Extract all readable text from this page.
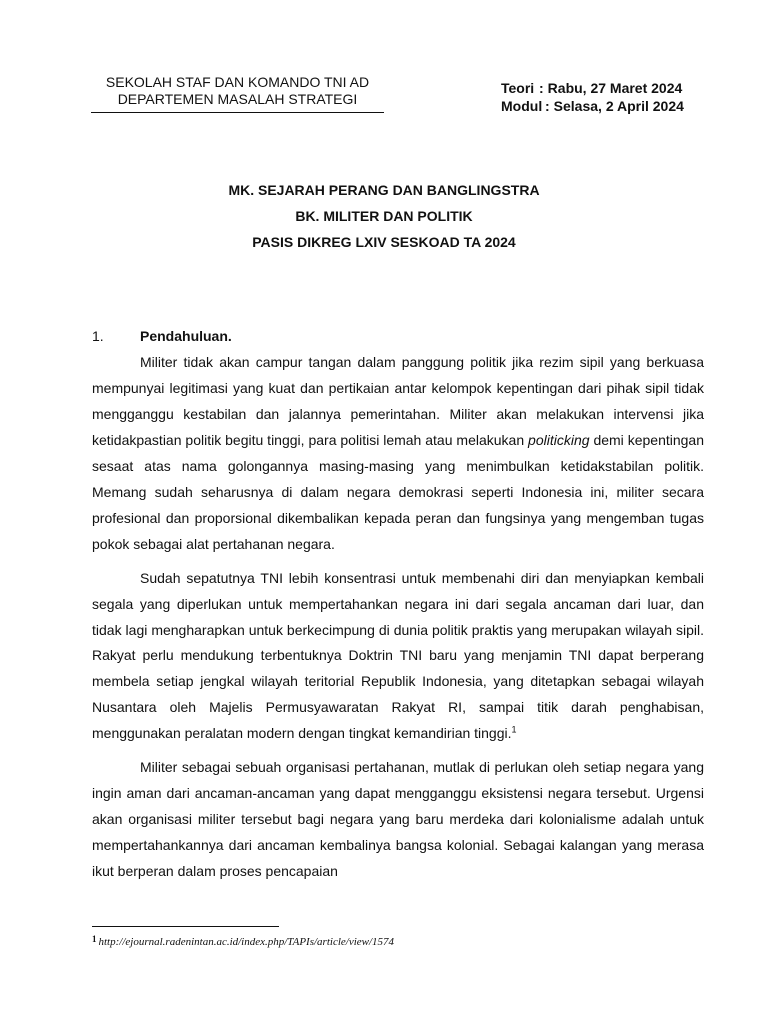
SEKOLAH STAF DAN KOMANDO TNI AD
DEPARTEMEN MASALAH STRATEGI
Teori : Rabu, 27 Maret 2024
Modul : Selasa, 2 April 2024
MK. SEJARAH PERANG DAN BANGLINGSTRA
BK. MILITER DAN POLITIK
PASIS DIKREG LXIV SESKOAD TA 2024
1.	Pendahuluan.

Militer tidak akan campur tangan dalam panggung politik jika rezim sipil yang berkuasa mempunyai legitimasi yang kuat dan pertikaian antar kelompok kepentingan dari pihak sipil tidak mengganggu kestabilan dan jalannya pemerintahan. Militer akan melakukan intervensi jika ketidakpastian politik begitu tinggi, para politisi lemah atau melakukan politicking demi kepentingan sesaat atas nama golongannya masing-masing yang menimbulkan ketidakstabilan politik. Memang sudah seharusnya di dalam negara demokrasi seperti Indonesia ini, militer secara profesional dan proporsional dikembalikan kepada peran dan fungsinya yang mengemban tugas pokok sebagai alat pertahanan negara.

Sudah sepatutnya TNI lebih konsentrasi untuk membenahi diri dan menyiapkan kembali segala yang diperlukan untuk mempertahankan negara ini dari segala ancaman dari luar, dan tidak lagi mengharapkan untuk berkecimpung di dunia politik praktis yang merupakan wilayah sipil. Rakyat perlu mendukung terbentuknya Doktrin TNI baru yang menjamin TNI dapat berperang membela setiap jengkal wilayah teritorial Republik Indonesia, yang ditetapkan sebagai wilayah Nusantara oleh Majelis Permusyawaratan Rakyat RI, sampai titik darah penghabisan, menggunakan peralatan modern dengan tingkat kemandirian tinggi.$^1$

Militer sebagai sebuah organisasi pertahanan, mutlak di perlukan oleh setiap negara yang ingin aman dari ancaman-ancaman yang dapat mengganggu eksistensi negara tersebut. Urgensi akan organisasi militer tersebut bagi negara yang baru merdeka dari kolonialisme adalah untuk mempertahankannya dari ancaman kembalinya bangsa kolonial. Sebagai kalangan yang merasa ikut berperan dalam proses pencapaian

$^1$ http://ejournal.radenintan.ac.id/index.php/TAPIs/article/view/1574
